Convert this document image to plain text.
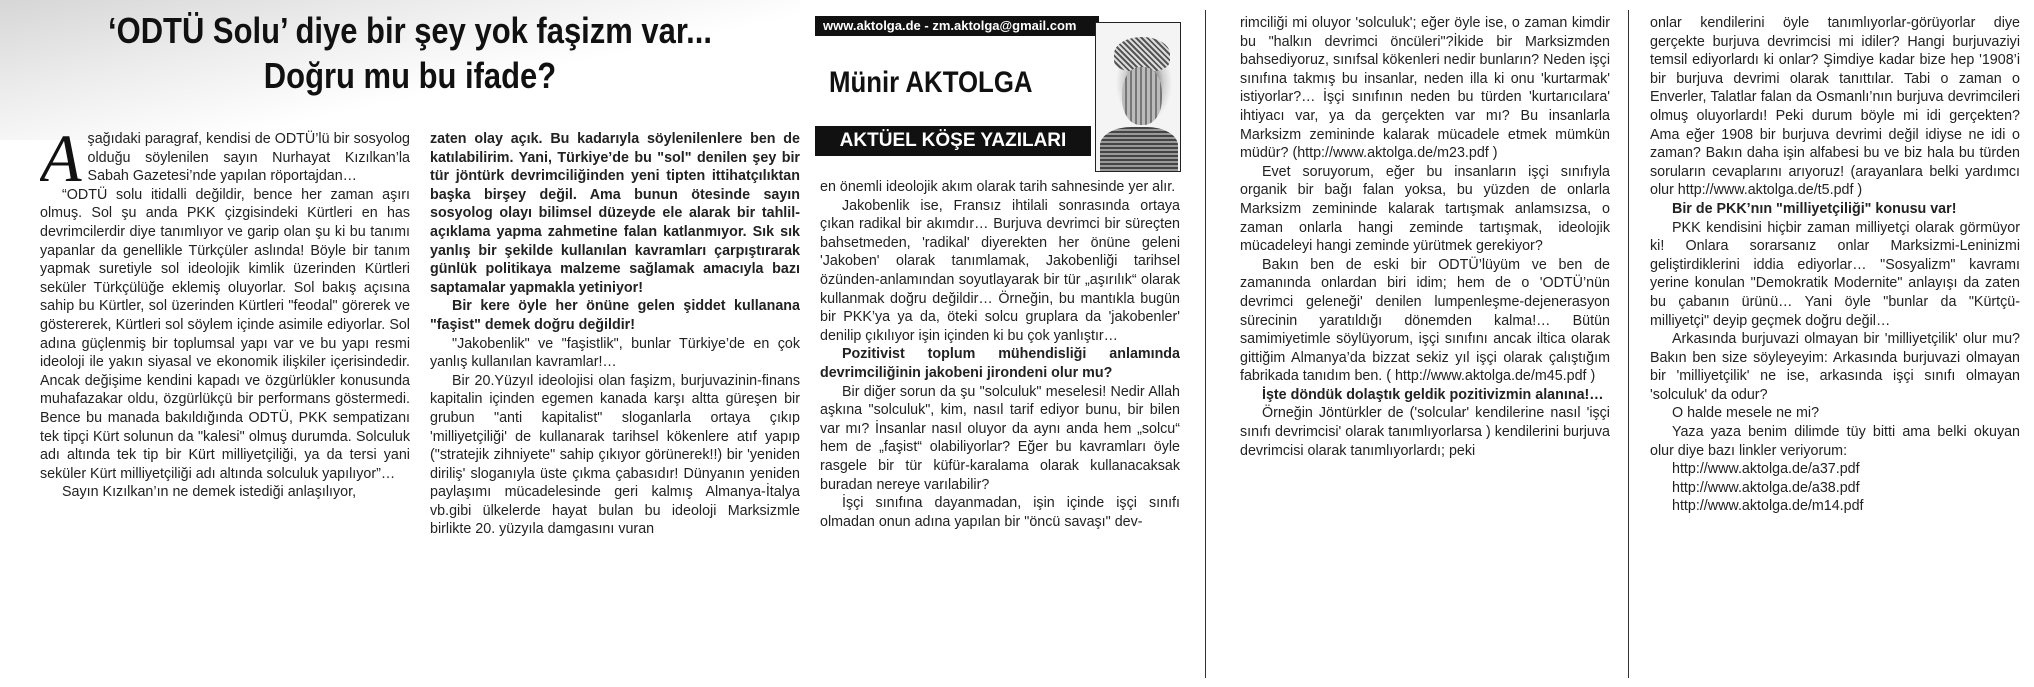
‘ODTÜ Solu’ diye bir şey yok faşizm var...
Doğru mu bu ifade?
www.aktolga.de - zm.aktolga@gmail.com
Münir AKTOLGA
AKTÜEL KÖŞE YAZILARI

Aşağıdaki paragraf, kendisi de ODTÜ’lü bir sosyolog olduğu söylenilen sayın Nurhayat Kızılkan’la Sabah Gazetesi’nde yapılan röportajdan…

“ODTÜ solu itidalli değildir, bence her zaman aşırı olmuş. Sol şu anda PKK çizgisindeki Kürtleri en has devrimcilerdir diye tanımlıyor ve garip olan şu ki bu tanımı yapanlar da genellikle Türkçüler aslında! Böyle bir tanım yapmak suretiyle sol ideolojik kimlik üzerinden Kürtleri seküler Türkçülüğe eklemiş oluyorlar. Sol bakış açısına sahip bu Kürtler, sol üzerinden Kürtleri "feodal" görerek ve göstererek, Kürtleri sol söylem içinde asimile ediyorlar. Sol adına güçlenmiş bir toplumsal yapı var ve bu yapı resmi ideoloji ile yakın siyasal ve ekonomik ilişkiler içerisindedir. Ancak değişime kendini kapadı ve özgürlükler konusunda muhafazakar oldu, özgürlükçü bir performans göstermedi. Bence bu manada bakıldığında ODTÜ, PKK sempatizanı tek tipçi Kürt solunun da "kalesi" olmuş durumda. Solculuk adı altında tek tip bir Kürt milliyetçiliği, ya da tersi yani seküler Kürt milliyetçiliği adı altında solculuk yapılıyor”…

Sayın Kızılkan’ın ne demek istediği anlaşılıyor,

zaten olay açık. Bu kadarıyla söylenilenlere ben de katılabilirim. Yani, Türkiye’de bu "sol" denilen şey bir tür jöntürk devrimciliğinden yeni tipten ittihatçılıktan başka birşey değil. Ama bunun ötesinde sayın sosyolog olayı bilimsel düzeyde ele alarak bir tahlil-açıklama yapma zahmetine falan katlanmıyor. Sık sık yanlış bir şekilde kullanılan kavramları çarpıştırarak günlük politikaya malzeme sağlamak amacıyla bazı saptamalar yapmakla yetiniyor!

Bir kere öyle her önüne gelen şiddet kullanana "faşist" demek doğru değildir!

"Jakobenlik" ve "faşistlik", bunlar Türkiye’de en çok yanlış kullanılan kavramlar!…

Bir 20.Yüzyıl ideolojisi olan faşizm, burjuvazinin-finans kapitalin içinden egemen kanada karşı altta güreşen bir grubun "anti kapitalist" sloganlarla ortaya çıkıp 'milliyetçiliği' de kullanarak tarihsel kökenlere atıf yapıp ("stratejik zihniyete" sahip çıkıyor görünerek!!) bir 'yeniden diriliş' sloganıyla üste çıkma çabasıdır! Dünyanın yeniden paylaşımı mücadelesinde geri kalmış Almanya-İtalya vb.gibi ülkelerde hayat bulan bu ideoloji Marksizmle birlikte 20. yüzyıla damgasını vuran

en önemli ideolojik akım olarak tarih sahnesinde yer alır.

Jakobenlik ise, Fransız ihtilali sonrasında ortaya çıkan radikal bir akımdır… Burjuva devrimci bir süreçten bahsetmeden, 'radikal' diyerekten her önüne geleni 'Jakoben' olarak tanımlamak, Jakobenliği tarihsel özünden-anlamından soyutlayarak bir tür „aşırılık“ olarak kullanmak doğru değildir… Örneğin, bu mantıkla bugün bir PKK’ya ya da, öteki solcu gruplara da 'jakobenler' denilip çıkılıyor işin içinden ki bu çok yanlıştır…

Pozitivist toplum mühendisliği anlamında devrimciliğinin jakobeni jirondeni olur mu?

Bir diğer sorun da şu "solculuk" meselesi! Nedir Allah aşkına "solculuk", kim, nasıl tarif ediyor bunu, bir bilen var mı? İnsanlar nasıl oluyor da aynı anda hem „solcu“ hem de „faşist“ olabiliyorlar? Eğer bu kavramları öyle rasgele bir tür küfür-karalama olarak kullanacaksak buradan nereye varılabilir?

İşçi sınıfına dayanmadan, işin içinde işçi sınıfı olmadan onun adına yapılan bir "öncü savaşı" dev-

rimciliği mi oluyor 'solculuk'; eğer öyle ise, o zaman kimdir bu "halkın devrimci öncüleri"?İkide bir Marksizmden bahsediyoruz, sınıfsal kökenleri nedir bunların? Neden işçi sınıfına takmış bu insanlar, neden illa ki onu 'kurtarmak' istiyorlar?… İşçi sınıfının neden bu türden 'kurtarıcılara' ihtiyacı var, ya da gerçekten var mı? Bu insanlarla Marksizm zemininde kalarak mücadele etmek mümkün müdür? (http://www.aktolga.de/m23.pdf )

Evet soruyorum, eğer bu insanların işçi sınıfıyla organik bir bağı falan yoksa, bu yüzden de onlarla Marksizm zemininde kalarak tartışmak anlamsızsa, o zaman onlarla hangi zeminde tartışmak, ideolojik mücadeleyi hangi zeminde yürütmek gerekiyor?

Bakın ben de eski bir ODTÜ’lüyüm ve ben de zamanında onlardan biri idim; hem de o 'ODTÜ’nün devrimci geleneği' denilen lumpenleşme-dejenerasyon sürecinin yaratıldığı dönemden kalma!… Bütün samimiyetimle söylüyorum, işçi sınıfını ancak iltica olarak gittiğim Almanya’da bizzat sekiz yıl işçi olarak çalıştığım fabrikada tanıdım ben. ( http://www.aktolga.de/m45.pdf )

İşte döndük dolaştık geldik pozitivizmin alanına!…

Örneğin Jöntürkler de ('solcular' kendilerine nasıl 'işçi sınıfı devrimcisi' olarak tanımlıyorlarsa ) kendilerini burjuva devrimcisi olarak tanımlıyorlardı; peki

onlar kendilerini öyle tanımlıyorlar-görüyorlar diye gerçekte burjuva devrimcisi mi idiler? Hangi burjuvaziyi temsil ediyorlardı ki onlar? Şimdiye kadar bize hep '1908’i bir burjuva devrimi olarak tanıttılar. Tabi o zaman o Enverler, Talatlar falan da Osmanlı’nın burjuva devrimcileri olmuş oluyorlardı! Peki durum böyle mi idi gerçekten? Ama eğer 1908 bir burjuva devrimi değil idiyse ne idi o zaman? Bakın daha işin alfabesi bu ve biz hala bu türden soruların cevaplarını arıyoruz! (arayanlara belki yardımcı olur http://www.aktolga.de/t5.pdf )

Bir de PKK’nın "milliyetçiliği" konusu var!

PKK kendisini hiçbir zaman milliyetçi olarak görmüyor ki! Onlara sorarsanız onlar Marksizmi-Leninizmi geliştirdiklerini iddia ediyorlar… "Sosyalizm" kavramı yerine konulan "Demokratik Modernite" anlayışı da zaten bu çabanın ürünü… Yani öyle "bunlar da "Kürtçü- milliyetçi" deyip geçmek doğru değil…

Arkasında burjuvazi olmayan bir 'milliyetçilik' olur mu? Bakın ben size söyleyeyim: Arkasında burjuvazi olmayan bir 'milliyetçilik' ne ise, arkasında işçi sınıfı olmayan 'solculuk' da odur?

O halde mesele ne mi?

Yaza yaza benim dilimde tüy bitti ama belki okuyan olur diye bazı linkler veriyorum:

http://www.aktolga.de/a37.pdf

http://www.aktolga.de/a38.pdf

http://www.aktolga.de/m14.pdf
